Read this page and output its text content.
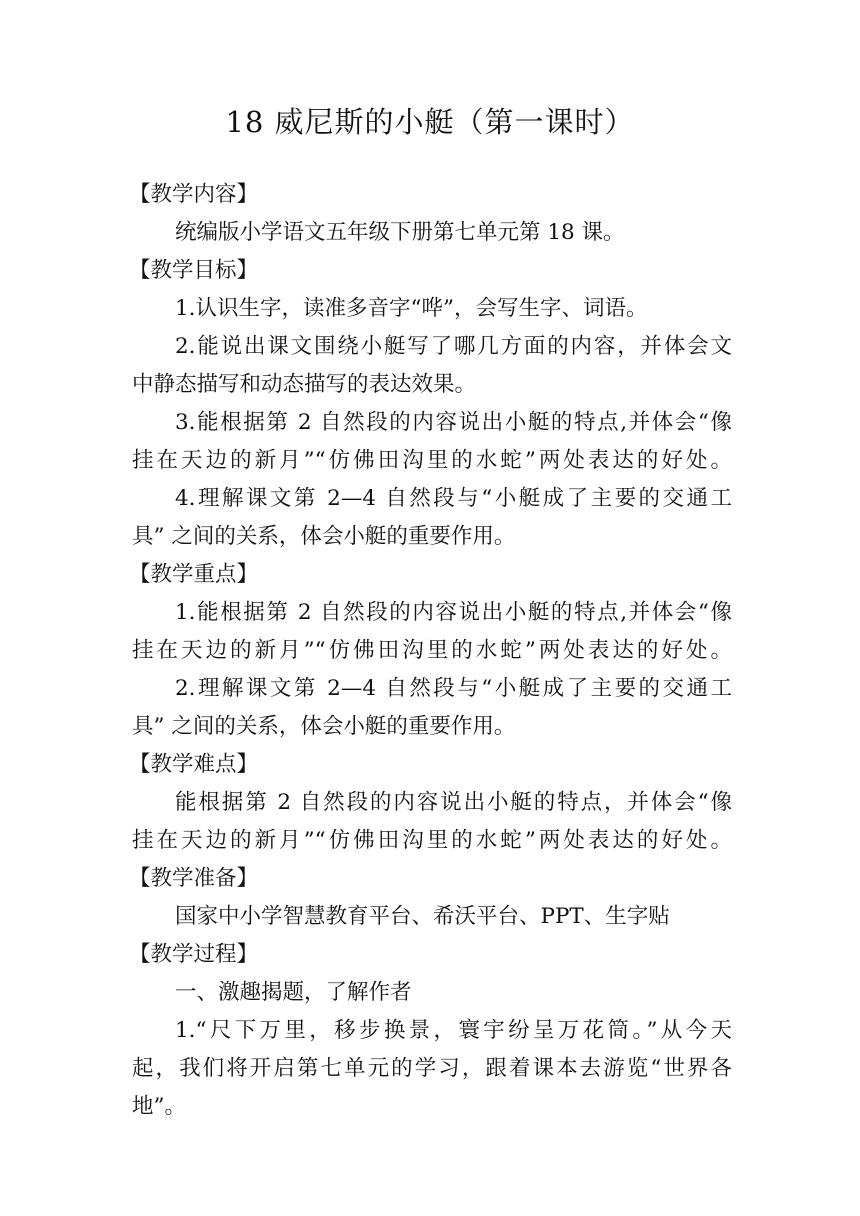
18 威尼斯的小艇（第一课时）
【教学内容】
统编版小学语文五年级下册第七单元第 18 课。
【教学目标】
1.认识生字，读准多音字“哗”，会写生字、词语。
2.能说出课文围绕小艇写了哪几方面的内容，并体会文
中静态描写和动态描写的表达效果。
3.能根据第 2 自然段的内容说出小艇的特点,并体会“像
挂在天边的新月”“仿佛田沟里的水蛇”两处表达的好处。
4.理解课文第 2—4 自然段与“小艇成了主要的交通工
具” 之间的关系，体会小艇的重要作用。
【教学重点】
1.能根据第 2 自然段的内容说出小艇的特点,并体会“像
挂在天边的新月”“仿佛田沟里的水蛇”两处表达的好处。
2.理解课文第 2—4 自然段与“小艇成了主要的交通工
具” 之间的关系，体会小艇的重要作用。
【教学难点】
能根据第 2 自然段的内容说出小艇的特点，并体会“像
挂在天边的新月”“仿佛田沟里的水蛇”两处表达的好处。
【教学准备】
国家中小学智慧教育平台、希沃平台、PPT、生字贴
【教学过程】
一、激趣揭题，了解作者
1.“尺下万里，移步换景，寰宇纷呈万花筒。”从今天
起，我们将开启第七单元的学习，跟着课本去游览“世界各
地”。
